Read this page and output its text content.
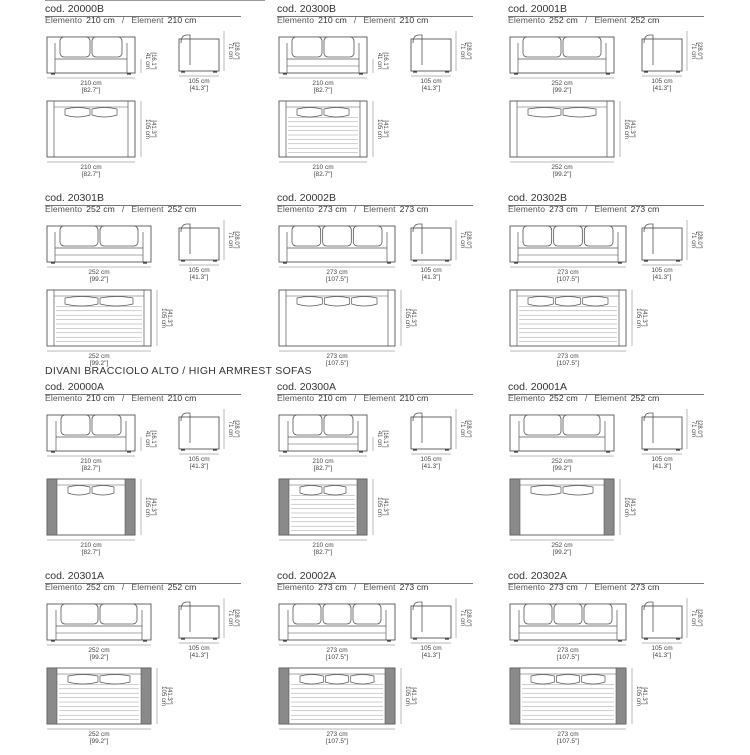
DIVANI BRACCIOLO ALTO / HIGH ARMREST SOFAS
cod. 20000B
Elemento 210 cm / Element 210 cm
210 cm
[82.7"]
41 cm [16.1"]
105 cm
[41.3"]
71 cm [28.0"]
210 cm
[82.7"]
105 cm [41.3"]
cod. 20300B
Elemento 210 cm / Element 210 cm
210 cm
[82.7"]
41 cm [16.1"]
105 cm
[41.3"]
71 cm [28.0"]
210 cm
[82.7"]
105 cm [41.3"]
cod. 20001B
Elemento 252 cm / Element 252 cm
252 cm
[99.2"]
105 cm
[41.3"]
71 cm [28.0"]
252 cm
[99.2"]
105 cm [41.3"]
cod. 20301B
Elemento 252 cm / Element 252 cm
252 cm
[99.2"]
105 cm
[41.3"]
71 cm [28.0"]
252 cm
[99.2"]
105 cm [41.3"]
cod. 20002B
Elemento 273 cm / Element 273 cm
273 cm
[107.5"]
105 cm
[41.3"]
71 cm [28.0"]
273 cm
[107.5"]
105 cm [41.3"]
cod. 20302B
Elemento 273 cm / Element 273 cm
273 cm
[107.5"]
105 cm
[41.3"]
71 cm [28.0"]
273 cm
[107.5"]
105 cm [41.3"]
cod. 20000A
Elemento 210 cm / Element 210 cm
210 cm
[82.7"]
41 cm [16.1"]
105 cm
[41.3"]
71 cm [28.0"]
210 cm
[82.7"]
105 cm [41.3"]
cod. 20300A
Elemento 210 cm / Element 210 cm
210 cm
[82.7"]
41 cm [16.1"]
105 cm
[41.3"]
71 cm [28.0"]
210 cm
[82.7"]
105 cm [41.3"]
cod. 20001A
Elemento 252 cm / Element 252 cm
252 cm
[99.2"]
105 cm
[41.3"]
71 cm [28.0"]
252 cm
[99.2"]
105 cm [41.3"]
cod. 20301A
Elemento 252 cm / Element 252 cm
252 cm
[99.2"]
105 cm
[41.3"]
71 cm [28.0"]
252 cm
[99.2"]
105 cm [41.3"]
cod. 20002A
Elemento 273 cm / Element 273 cm
273 cm
[107.5"]
105 cm
[41.3"]
71 cm [28.0"]
273 cm
[107.5"]
105 cm [41.3"]
cod. 20302A
Elemento 273 cm / Element 273 cm
273 cm
[107.5"]
105 cm
[41.3"]
71 cm [28.0"]
273 cm
[107.5"]
105 cm [41.3"]
